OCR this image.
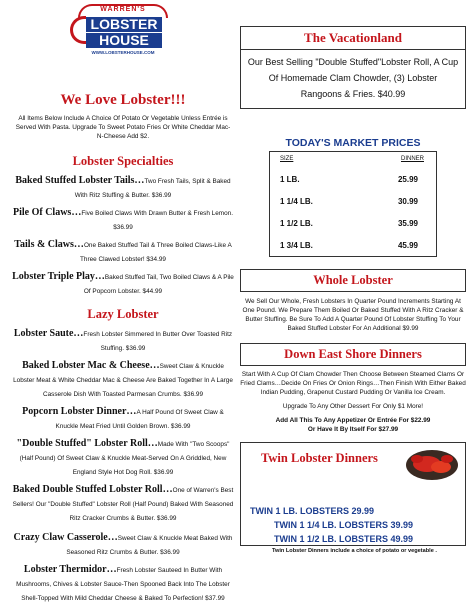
WARREN'S
LOBSTER
HOUSE
WWW.LOBSTERHOUSE.COM
We Love Lobster!!!

All Items Below Include A Choice Of Potato Or Vegetable Unless Entrée is Served With Pasta. Upgrade To Sweet Potato Fries Or White Cheddar Mac-N-Cheese Add $2.

Lobster Specialties
Baked Stuffed Lobster Tails…Two Fresh Tails, Split & Baked With Ritz Stuffing & Butter. $36.99
Pile Of Claws…Five Boiled Claws With Drawn Butter & Fresh Lemon. $36.99
Tails & Claws…One Baked Stuffed Tail & Three Boiled Claws-Like A Three Clawed Lobster! $34.99
Lobster Triple Play…Baked Stuffed Tail, Two Boiled Claws & A Pile Of Popcorn Lobster. $44.99
Lazy Lobster
Lobster Saute…Fresh Lobster Simmered In Butter Over Toasted Ritz Stuffing. $36.99
Baked Lobster Mac & Cheese…Sweet Claw & Knuckle Lobster Meat & White Cheddar Mac & Cheese Are Baked Together In A Large Casserole Dish With Toasted Parmesan Crumbs. $36.99
Popcorn Lobster Dinner…A Half Pound Of Sweet Claw & Knuckle Meat Fried Until Golden Brown. $36.99
"Double Stuffed" Lobster Roll…Made With "Two Scoops" (Half Pound) Of Sweet Claw & Knuckle Meat-Served On A Griddled, New England Style Hot Dog Roll. $36.99
Baked Double Stuffed Lobster Roll…One of Warren's Best Sellers! Our "Double Stuffed" Lobster Roll (Half Pound) Baked With Seasoned Ritz Cracker Crumbs & Butter. $36.99
Crazy Claw Casserole…Sweet Claw & Knuckle Meat Baked With Seasoned Ritz Crumbs & Butter. $36.99
Lobster Thermidor…Fresh Lobster Sauteed In Butter With Mushrooms, Chives & Lobster Sauce-Then Spooned Back Into The Lobster Shell-Topped With Mild Cheddar Cheese & Baked To Perfection! $37.99
The Vacationland
Our Best Selling "Double Stuffed"Lobster Roll, A Cup Of Homemade Clam Chowder, (3) Lobster Rangoons & Fries. $40.99
TODAY'S MARKET PRICES
SIZE	DINNER
1 LB.	25.99
1 1/4 LB.	30.99
1 1/2 LB.	35.99
1 3/4 LB.	45.99
Whole Lobster

We Sell Our Whole, Fresh Lobsters In Quarter Pound Increments Starting At One Pound. We Prepare Them Boiled Or Baked Stuffed With A Ritz Cracker & Butter Stuffing. Be Sure To Add A Quarter Pound Of Lobster Stuffing To Your Baked Stuffed Lobster For An Additional $9.99

Down East Shore Dinners

Start With A Cup Of Clam Chowder Then Choose Between Steamed Clams Or Fried Clams…Decide On Fries Or Onion Rings…Then Finish With Either Baked Indian Pudding, Grapenut Custard Pudding Or Vanilla Ice Cream.

Upgrade To Any Other Dessert For Only $1 More!

Add All This To Any Appetizer Or Entrée For $22.99

Or Have It By Itself For $27.99

Twin Lobster Dinners
TWIN 1 LB. LOBSTERS 29.99
TWIN 1 1/4 LB. LOBSTERS 39.99
TWIN 1 1/2 LB. LOBSTERS 49.99
Twin Lobster Dinners include a choice of potato or vegetable .
